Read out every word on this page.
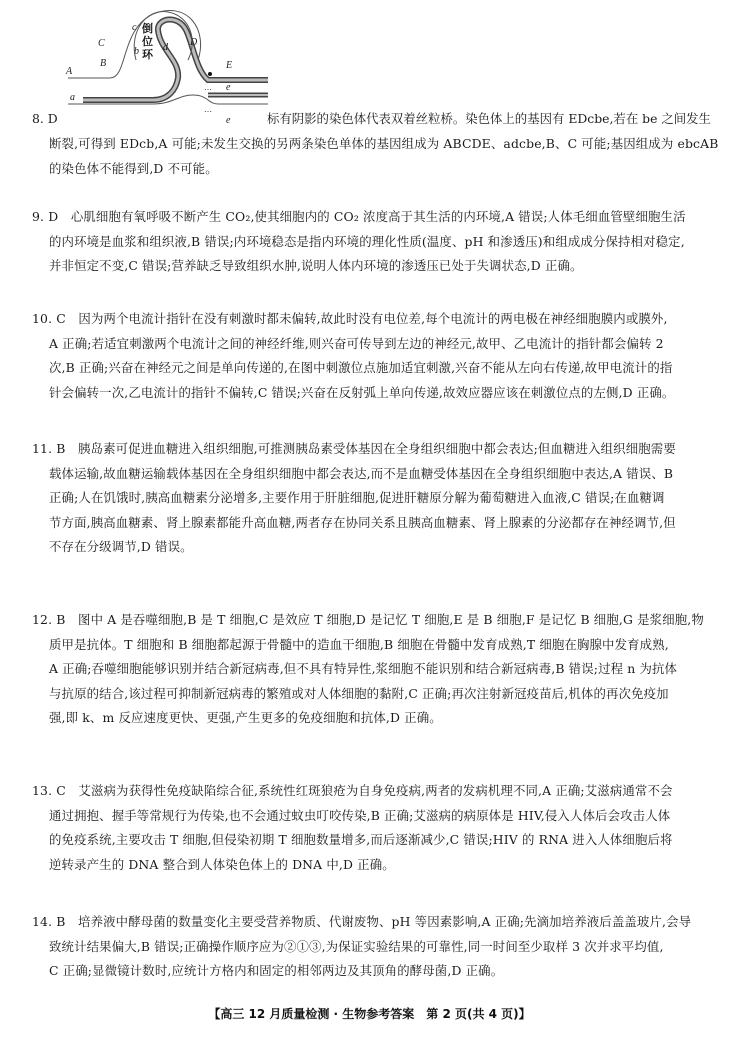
…
…
C
B
A
a
D
d
E
e
e
c
b
倒
位
环
8. D	标有阴影的染色体代表双着丝粒桥。染色体上的基因有 EDcbe,若在 be 之间发生
断裂,可得到 EDcb,A 可能;未发生交换的另两条染色单体的基因组成为 ABCDE、adcbe,B、C 可能;基因组成为 ebcAB
的染色体不能得到,D 不可能。
9. D　心肌细胞有氧呼吸不断产生 CO₂,使其细胞内的 CO₂ 浓度高于其生活的内环境,A 错误;人体毛细血管壁细胞生活
的内环境是血浆和组织液,B 错误;内环境稳态是指内环境的理化性质(温度、pH 和渗透压)和组成成分保持相对稳定,
并非恒定不变,C 错误;营养缺乏导致组织水肿,说明人体内环境的渗透压已处于失调状态,D 正确。
10. C　因为两个电流计指针在没有刺激时都未偏转,故此时没有电位差,每个电流计的两电极在神经细胞膜内或膜外,
A 正确;若适宜刺激两个电流计之间的神经纤维,则兴奋可传导到左边的神经元,故甲、乙电流计的指针都会偏转 2
次,B 正确;兴奋在神经元之间是单向传递的,在图中刺激位点施加适宜刺激,兴奋不能从左向右传递,故甲电流计的指
针会偏转一次,乙电流计的指针不偏转,C 错误;兴奋在反射弧上单向传递,故效应器应该在刺激位点的左侧,D 正确。
11. B　胰岛素可促进血糖进入组织细胞,可推测胰岛素受体基因在全身组织细胞中都会表达;但血糖进入组织细胞需要
载体运输,故血糖运输载体基因在全身组织细胞中都会表达,而不是血糖受体基因在全身组织细胞中表达,A 错误、B
正确;人在饥饿时,胰高血糖素分泌增多,主要作用于肝脏细胞,促进肝糖原分解为葡萄糖进入血液,C 错误;在血糖调
节方面,胰高血糖素、肾上腺素都能升高血糖,两者存在协同关系且胰高血糖素、肾上腺素的分泌都存在神经调节,但
不存在分级调节,D 错误。
12. B　图中 A 是吞噬细胞,B 是 T 细胞,C 是效应 T 细胞,D 是记忆 T 细胞,E 是 B 细胞,F 是记忆 B 细胞,G 是浆细胞,物
质甲是抗体。T 细胞和 B 细胞都起源于骨髓中的造血干细胞,B 细胞在骨髓中发育成熟,T 细胞在胸腺中发育成熟,
A 正确;吞噬细胞能够识别并结合新冠病毒,但不具有特异性,浆细胞不能识别和结合新冠病毒,B 错误;过程 n 为抗体
与抗原的结合,该过程可抑制新冠病毒的繁殖或对人体细胞的黏附,C 正确;再次注射新冠疫苗后,机体的再次免疫加
强,即 k、m 反应速度更快、更强,产生更多的免疫细胞和抗体,D 正确。
13. C　艾滋病为获得性免疫缺陷综合征,系统性红斑狼疮为自身免疫病,两者的发病机理不同,A 正确;艾滋病通常不会
通过拥抱、握手等常规行为传染,也不会通过蚊虫叮咬传染,B 正确;艾滋病的病原体是 HIV,侵入人体后会攻击人体
的免疫系统,主要攻击 T 细胞,但侵染初期 T 细胞数量增多,而后逐渐减少,C 错误;HIV 的 RNA 进入人体细胞后将
逆转录产生的 DNA 整合到人体染色体上的 DNA 中,D 正确。
14. B　培养液中酵母菌的数量变化主要受营养物质、代谢废物、pH 等因素影响,A 正确;先滴加培养液后盖盖玻片,会导
致统计结果偏大,B 错误;正确操作顺序应为②①③,为保证实验结果的可靠性,同一时间至少取样 3 次并求平均值,
C 正确;显微镜计数时,应统计方格内和固定的相邻两边及其顶角的酵母菌,D 正确。
【高三 12 月质量检测 · 生物参考答案　第 2 页(共 4 页)】
